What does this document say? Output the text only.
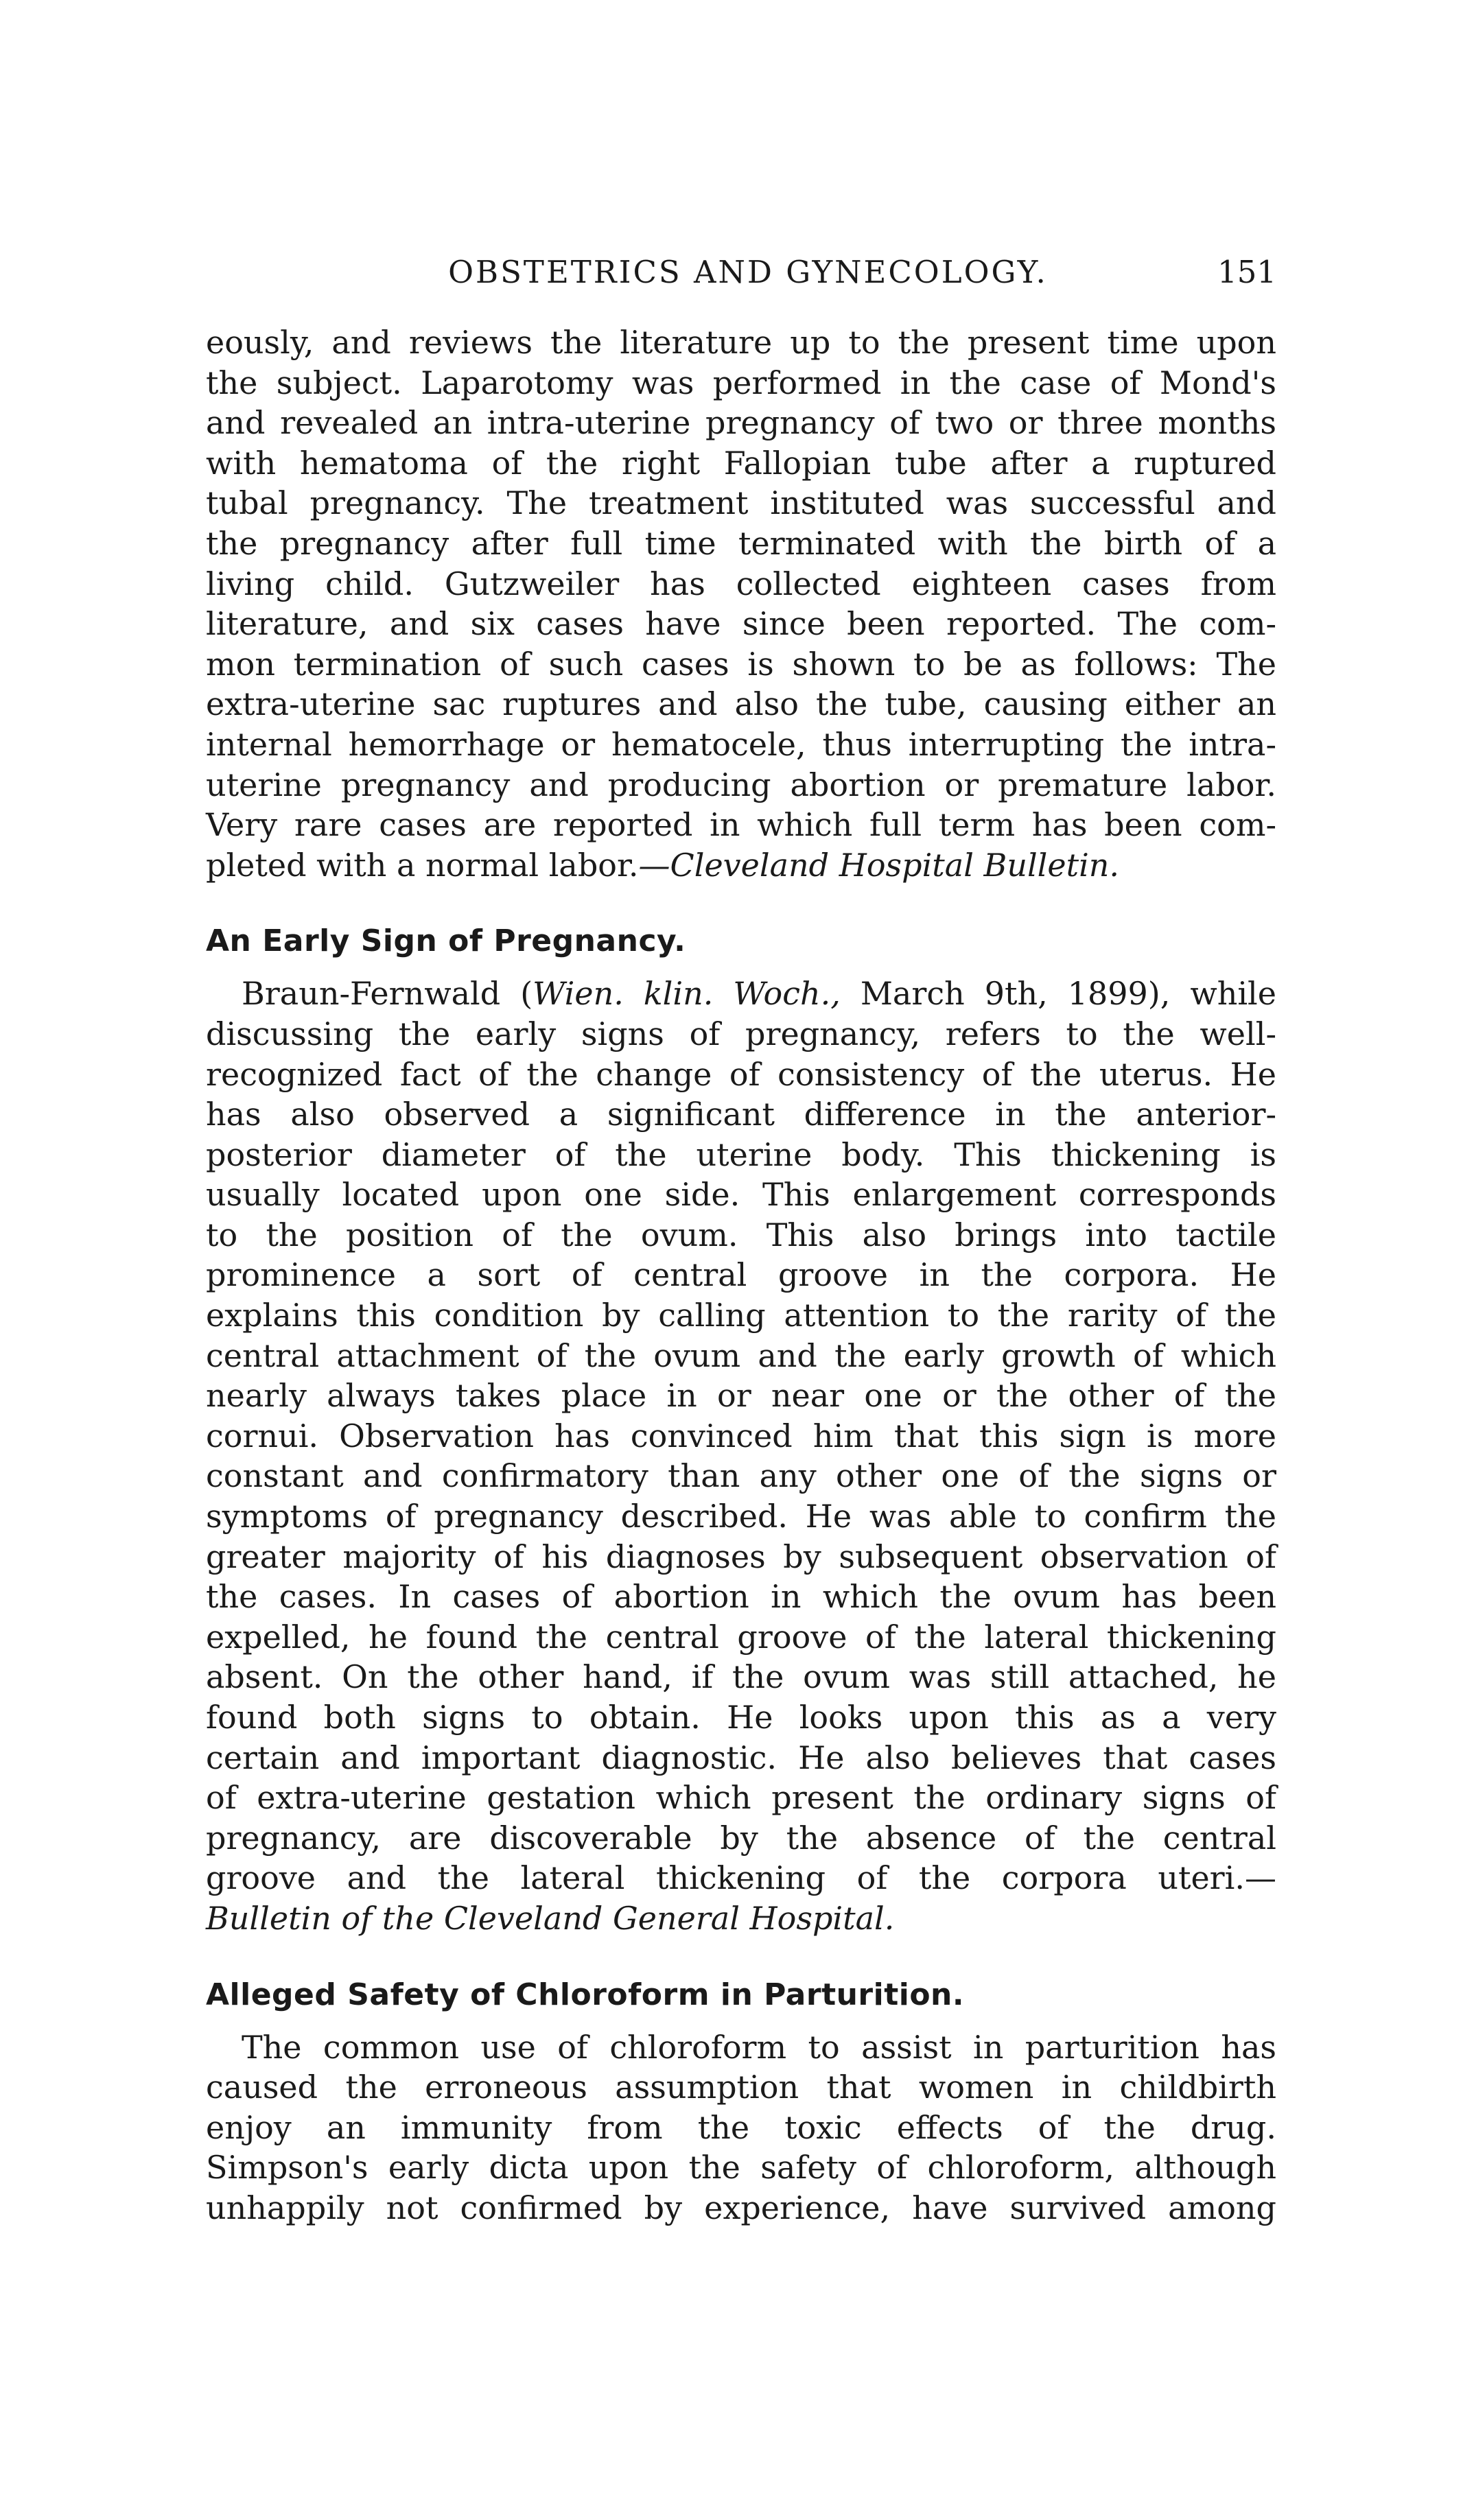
OBSTETRICS AND GYNECOLOGY.	151
eously, and reviews the literature up to the present time upon
the subject. Laparotomy was performed in the case of Mond's
and revealed an intra-uterine pregnancy of two or three months
with hematoma of the right Fallopian tube after a ruptured
tubal pregnancy. The treatment instituted was successful and
the pregnancy after full time terminated with the birth of a
living child. Gutzweiler has collected eighteen cases from
literature, and six cases have since been reported. The com-
mon termination of such cases is shown to be as follows: The
extra-uterine sac ruptures and also the tube, causing either an
internal hemorrhage or hematocele, thus interrupting the intra-
uterine pregnancy and producing abortion or premature labor.
Very rare cases are reported in which full term has been com-
pleted with a normal labor.—Cleveland Hospital Bulletin.
An Early Sign of Pregnancy.
Braun-Fernwald (Wien. klin. Woch., March 9th, 1899), while
discussing the early signs of pregnancy, refers to the well-
recognized fact of the change of consistency of the uterus. He
has also observed a significant difference in the anterior-
posterior diameter of the uterine body. This thickening is
usually located upon one side. This enlargement corresponds
to the position of the ovum. This also brings into tactile
prominence a sort of central groove in the corpora. He
explains this condition by calling attention to the rarity of the
central attachment of the ovum and the early growth of which
nearly always takes place in or near one or the other of the
cornui. Observation has convinced him that this sign is more
constant and confirmatory than any other one of the signs or
symptoms of pregnancy described. He was able to confirm the
greater majority of his diagnoses by subsequent observation of
the cases. In cases of abortion in which the ovum has been
expelled, he found the central groove of the lateral thickening
absent. On the other hand, if the ovum was still attached, he
found both signs to obtain. He looks upon this as a very
certain and important diagnostic. He also believes that cases
of extra-uterine gestation which present the ordinary signs of
pregnancy, are discoverable by the absence of the central
groove and the lateral thickening of the corpora uteri.—
Bulletin of the Cleveland General Hospital.
Alleged Safety of Chloroform in Parturition.
The common use of chloroform to assist in parturition has
caused the erroneous assumption that women in childbirth
enjoy an immunity from the toxic effects of the drug.
Simpson's early dicta upon the safety of chloroform, although
unhappily not confirmed by experience, have survived among
